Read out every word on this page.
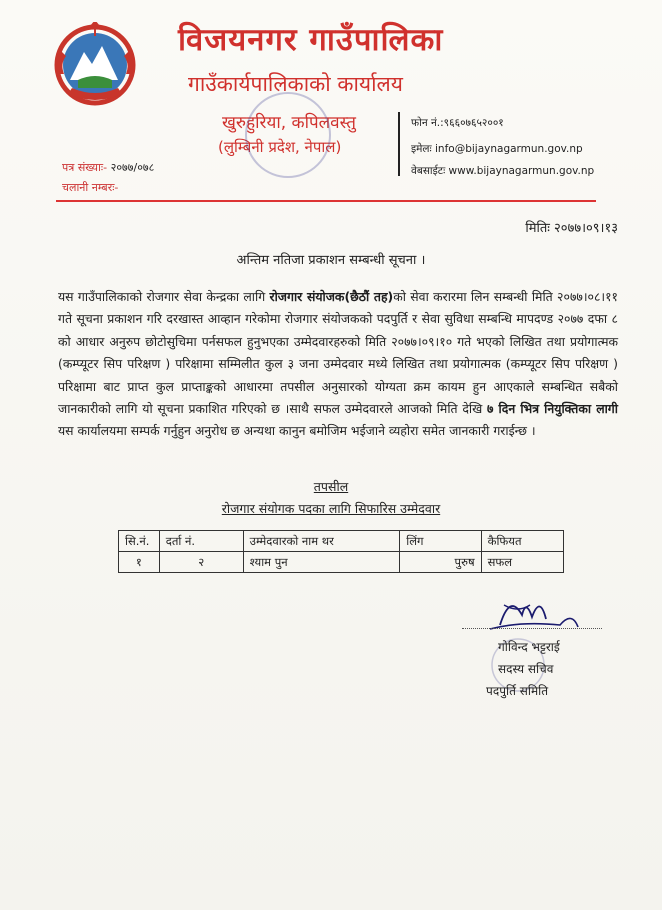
विजयनगर गाउँपालिका
गाउँकार्यपालिकाको कार्यालय
खुरुहुरिया, कपिलवस्तु
(लुम्बिनी प्रदेश, नेपाल)
फोन नं.:९६६०७६५२००१
इमेलः info@bijaynagarmun.gov.np
वेबसाईटः www.bijaynagarmun.gov.np
पत्र संख्याः- २०७७/०७८
चलानी नम्बरः-
मितिः २०७७।०९।१३
अन्तिम नतिजा प्रकाशन सम्बन्धी सूचना ।

यस गाउँपालिकाको रोजगार सेवा केन्द्रका लागि रोजगार संयोजक(छैठौं तह)को सेवा करारमा लिन सम्बन्धी मिति २०७७।०८।११ गते सूचना प्रकाशन गरि दरखास्त आव्हान गरेकोमा रोजगार संयोजकको पदपुर्ति र सेवा सुविधा सम्बन्धि मापदण्ड २०७७ दफा ८ को आधार अनुरुप छोटोसुचिमा पर्नसफल हुनुभएका उम्मेदवारहरुको मिति २०७७।०९।१० गते भएको लिखित तथा प्रयोगात्मक (कम्प्यूटर सिप परिक्षण ) परिक्षामा सम्मिलीत कुल ३ जना उम्मेदवार मध्ये लिखित तथा प्रयोगात्मक (कम्प्यूटर सिप परिक्षण ) परिक्षामा बाट प्राप्त कुल प्राप्ताङ्कको आधारमा तपसील अनुसारको योग्यता क्रम कायम हुन आएकाले सम्बन्धित सबैको जानकारीको लागि यो सूचना प्रकाशित गरिएको छ ।साथै सफल उम्मेदवारले आजको मिति देखि ७ दिन भित्र नियुक्तिका लागी यस कार्यालयमा सम्पर्क गर्नुहुन अनुरोध छ अन्यथा कानुन बमोजिम भईजाने व्यहोरा समेत जानकारी गराईन्छ ।

तपसील
रोजगार संयोगक पदका लागि सिफारिस उम्मेदवार
सि.नं.	दर्ता नं.	उम्मेदवारको नाम थर	लिंग	कैफियत
१	२	श्याम पुन	पुरुष	सफल
गोविन्द भट्टराई
सदस्य सचिव
पदपुर्ति समिति
